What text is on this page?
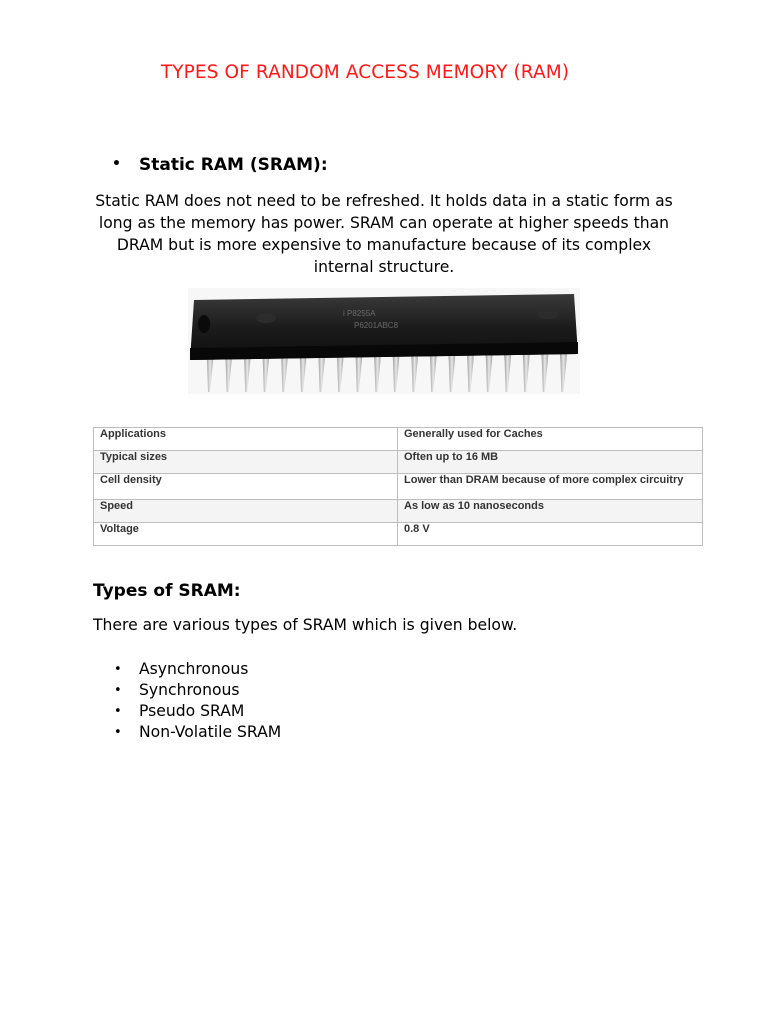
TYPES OF RANDOM ACCESS MEMORY (RAM)
• Static RAM (SRAM):
Static RAM does not need to be refreshed. It holds data in a static form as long as the memory has power. SRAM can operate at higher speeds than DRAM but is more expensive to manufacture because of its complex internal structure.
i P8255A
P6201ABC8
Applications	Generally used for Caches
Typical sizes	Often up to 16 MB
Cell density	Lower than DRAM because of more complex circuitry
Speed	As low as 10 nanoseconds
Voltage	0.8 V
Types of SRAM:
There are various types of SRAM which is given below.
• Asynchronous
• Synchronous
• Pseudo SRAM
• Non-Volatile SRAM
